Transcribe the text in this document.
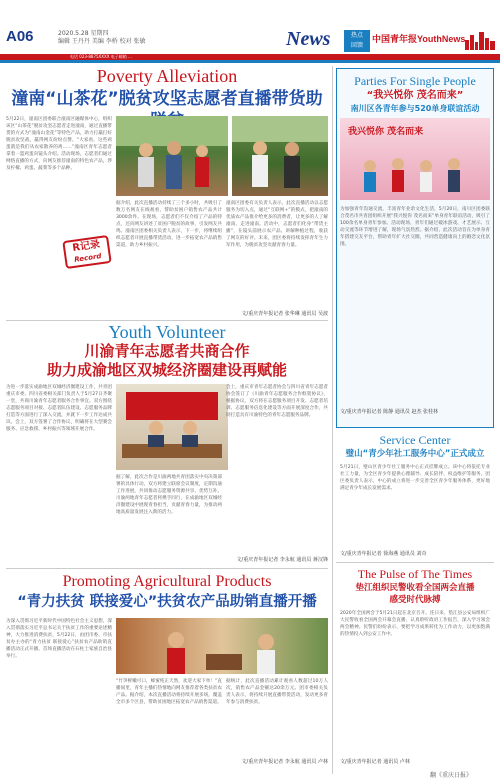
A06	2020.5.28 星期四
编辑 王丹丹 美编 李桥 校对 张敏	News	热点
回馈
中国青年报YouthNews
电话 023-8875XXXX 电子邮箱 ...
Poverty Alleviation
潼南“山茶花”脱贫攻坚志愿者直播带货助
5月22日，潼南区团委联合潼南区融媒体中心，组织该区“山茶花”脱贫攻坚志愿者走进潼南，通过直播带货的方式为“潼南山金花”等特色产品，助力打赢打好脱贫攻坚战，赢得网友纷纷点赞。“大家看，这些鸡蛋就是我们从农家散养的鸡……”潼南区青年志愿者拿着一篮鸡蛋向镜头介绍。活动现场，志愿者们通过网络直播的方式，向网友推荐潼南的特色农产品，涉及柠檬、鸡蛋、蔬菜等多个品种。
据介绍，此次直播活动持续了三个多小时，共吸引了数万名网友在线观看，帮助贫困户销售农产品共计3000余件。在现场，志愿者们不仅介绍了产品的特点，还向网友讲述了贫困户脱贫的故事，引发网友共鸣。潼南区团委相关负责人表示，下一步，将继续组织志愿者开展直播带货活动，进一步拓宽农产品销售渠道，助力乡村振兴。
潼南区团委有关负责人表示，此次直播活动以志愿服务为切入点，通过“互联网+”的模式，把潼南的优质农产品推介给更多的消费者，让更多的人了解潼南、走进潼南。活动中，志愿者们化身“带货主播”，在镜头前展示农产品、讲解种植过程，收获了网友的好评。未来，团区委将持续发挥青年生力军作用，为脱贫攻坚贡献青春力量。
R记录
Record
文/重庆青年报记者 张华琳 通讯员 吴波
Youth Volunteer
川渝青年志愿者共商合作
助力成渝地区双城经济圈建设再赋能
为进一步落实成渝地区双城经济圈建设工作，共青团重庆市委、四川省委相关部门负责人于5月27日齐聚一堂，共商川渝青年志愿者服务合作事宜。双方围绕志愿服务项目对接、志愿者队伍建设、志愿服务品牌打造等方面进行了深入交流，并就下一步工作达成共识。会上，双方签署了合作协议，明确将在大型赛会服务、应急救援、乡村振兴等领域开展合作。
据了解，此次合作是川渝两地共青团落实中央决策部署的具体行动。双方将建立联席会议制度，定期沟通工作进展，共同推动志愿服务资源共享、优势互补。川渝两地青年志愿者将携手同行，在成渝地区双城经济圈建设中展现青春担当，贡献青春力量，为推动两地高质量发展注入新的活力。
会上，重庆市青年志愿者协会与四川省青年志愿者协会签订了《川渝青年志愿服务合作框架协议》，根据协议，双方将在志愿服务项目开发、志愿者培训、志愿服务信息化建设等方面开展深度合作，共同打造具有川渝特色的青年志愿服务品牌。
文/重庆青年报记者 李永航 通讯员 蒋汉锋
Promoting Agricultural Products
“青力扶贫 联接爱心”扶贫农产品助销直播开播
为深入贯彻习近平新时代中国特色社会主义思想，深入贯彻落实习近平总书记关于扶贫工作的重要论述精神，大力推进消费扶贫，5月22日，由团市委、市扶贫办主办的“青力扶贫 联接爱心”扶贫农产品助销直播活动正式开播。首场直播活动在石柱土家族自治县举行。
“竹笋鲜嫩可口，蜂蜜纯正天然，欢迎大家下单！”直播间里，青年主播们热情地向网友推荐着各类扶贫农产品。据介绍，本次直播活动将持续开展多场，覆盖全市多个区县，帮助贫困地区拓宽农产品销售渠道。
据统计，此次直播活动累计观看人数超过10万人次，销售农产品金额达20余万元。团市委相关负责人表示，将持续开展直播带货活动，发动更多青年参与消费扶贫。
文/重庆青年报记者 李永航 通讯员 卢林
Parties For Single People
“我兴悦你 茂名而来”
南川区各青年参与520单身联谊活动
我兴悦你 茂名而来
为加强青年沟通交流，丰富青年业余文化生活，5月20日，南川区团委联合茂名市共青团组织开展“我兴悦你 茂名而来”单身青年联谊活动，吸引了100余名单身青年参加。活动现场，青年们通过破冰游戏、才艺展示、互动交流等环节增进了解，现场气氛热烈。据介绍，此次活动旨在为单身青年搭建交友平台，帮助青年扩大社交圈，共同营造健康向上的婚恋文化氛围。
文/重庆青年报记者 陈静 通讯员 赵杰 张桂林
Service Center
璧山“青少年社工服务中心”正式成立
5月21日，璧山区青少年社工服务中心正式挂牌成立。该中心将依托专业社工力量，为全区青少年提供心理辅导、成长陪伴、权益维护等服务。团区委负责人表示，中心的成立将进一步完善全区青少年服务体系，更好地满足青少年成长发展需求。
文/重庆青年报记者 徐海燕 通讯员 刘奇
The Pulse of The Times
垫江组织民警收看全国两会直播
感受时代脉搏
2020年全国两会于5月21日起在北京召开。连日来，垫江县公安局组织广大民警收看全国两会开幕会直播，认真聆听政府工作报告，深入学习领会两会精神。民警们纷纷表示，要把学习成果转化为工作动力，以更加饱满的热情投入到公安工作中。
文/重庆青年报记者 通讯员 卢林
翻《重庆日报》
